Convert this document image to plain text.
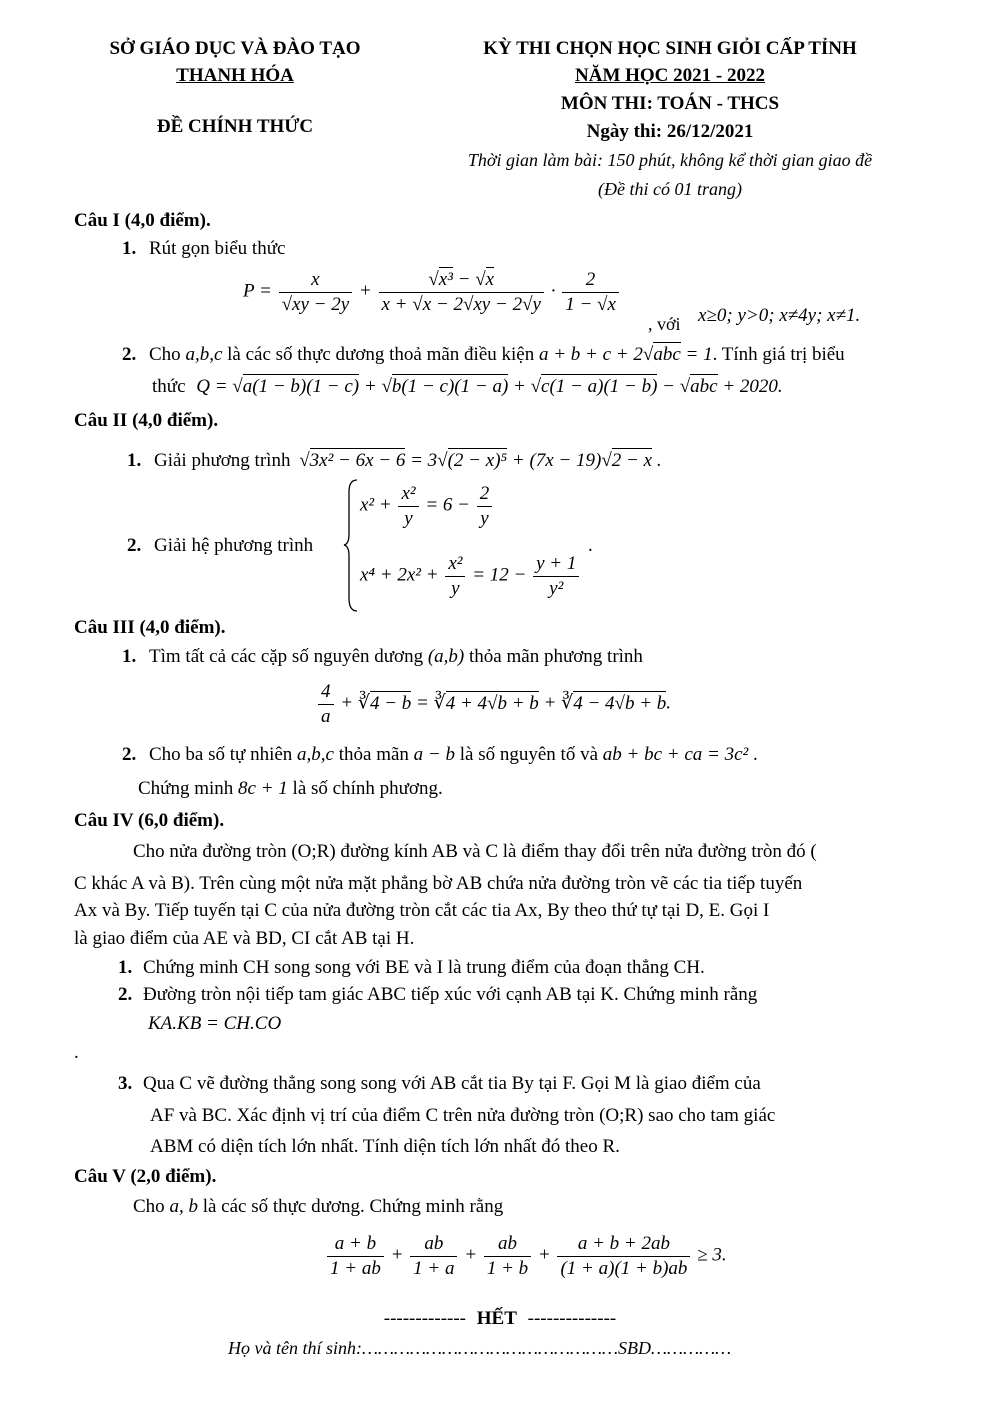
SỞ GIÁO DỤC VÀ ĐÀO TẠO
THANH HÓA
ĐỀ CHÍNH THỨC
KỲ THI CHỌN HỌC SINH GIỎI CẤP TỈNH
NĂM HỌC 2021 - 2022
MÔN THI: TOÁN - THCS
Ngày thi: 26/12/2021
Thời gian làm bài: 150 phút, không kể thời gian giao đề
(Đề thi có 01 trang)
Câu I (4,0 điểm).
1. Rút gọn biểu thức
$P = \frac{x}{√xy - 2y} + \frac{\text{√x³ − √x}}{x + √x - 2√xy - 2√y} \cdot \frac{2}{1 - √x}$
, với x≥0; y>0; x≠4y; x≠1.
2. Cho a,b,c là các số thực dương thoả mãn điều kiện a + b + c + 2√abc = 1. Tính giá trị biểu
thức Q = √a(1 − b)(1 − c) + √b(1 − c)(1 − a) + √c(1 − a)(1 − b) − √abc + 2020.
Câu II (4,0 điểm).
1. Giải phương trình √3x² − 6x − 6 = 3√(2 − x)⁵ + (7x − 19)√2 − x .
2. Giải hệ phương trình
$x^2 + \frac{\text{x²}}{y} = 6 - \frac{2}{y}$
$x^4 + 2x^2 + \frac{\text{x²}}{y} = 12 - \frac{y + 1}{\text{y²}}$
.
Câu III (4,0 điểm).
1. Tìm tất cả các cặp số nguyên dương (a,b) thỏa mãn phương trình
$\frac{4}{a}$ + ∛4 − b = ∛4 + 4√b + b + ∛4 − 4√b + b.
2. Cho ba số tự nhiên a,b,c thỏa mãn a − b là số nguyên tố và ab + bc + ca = 3c² .
Chứng minh 8c + 1 là số chính phương.
Câu IV (6,0 điểm).
Cho nửa đường tròn (O;R) đường kính AB và C là điểm thay đổi trên nửa đường tròn đó (
C khác A và B). Trên cùng một nửa mặt phẳng bờ AB chứa nửa đường tròn vẽ các tia tiếp tuyến
Ax và By. Tiếp tuyến tại C của nửa đường tròn cắt các tia Ax, By theo thứ tự tại D, E. Gọi I
là giao điểm của AE và BD, CI cắt AB tại H.
1. Chứng minh CH song song với BE và I là trung điểm của đoạn thẳng CH.
2. Đường tròn nội tiếp tam giác ABC tiếp xúc với cạnh AB tại K. Chứng minh rằng
KA.KB = CH.CO
.
3. Qua C vẽ đường thẳng song song với AB cắt tia By tại F. Gọi M là giao điểm của
AF và BC. Xác định vị trí của điểm C trên nửa đường tròn (O;R) sao cho tam giác
ABM có diện tích lớn nhất. Tính diện tích lớn nhất đó theo R.
Câu V (2,0 điểm).
Cho a, b là các số thực dương. Chứng minh rằng
$\frac{a + b}{1 + ab} + \frac{ab}{1 + a} + \frac{ab}{1 + b} + \frac{a + b + 2ab}{(1 + a)(1 + b)ab} \ge 3$.
------------- HẾT --------------
Họ và tên thí sinh:…………………………………………SBD……………
